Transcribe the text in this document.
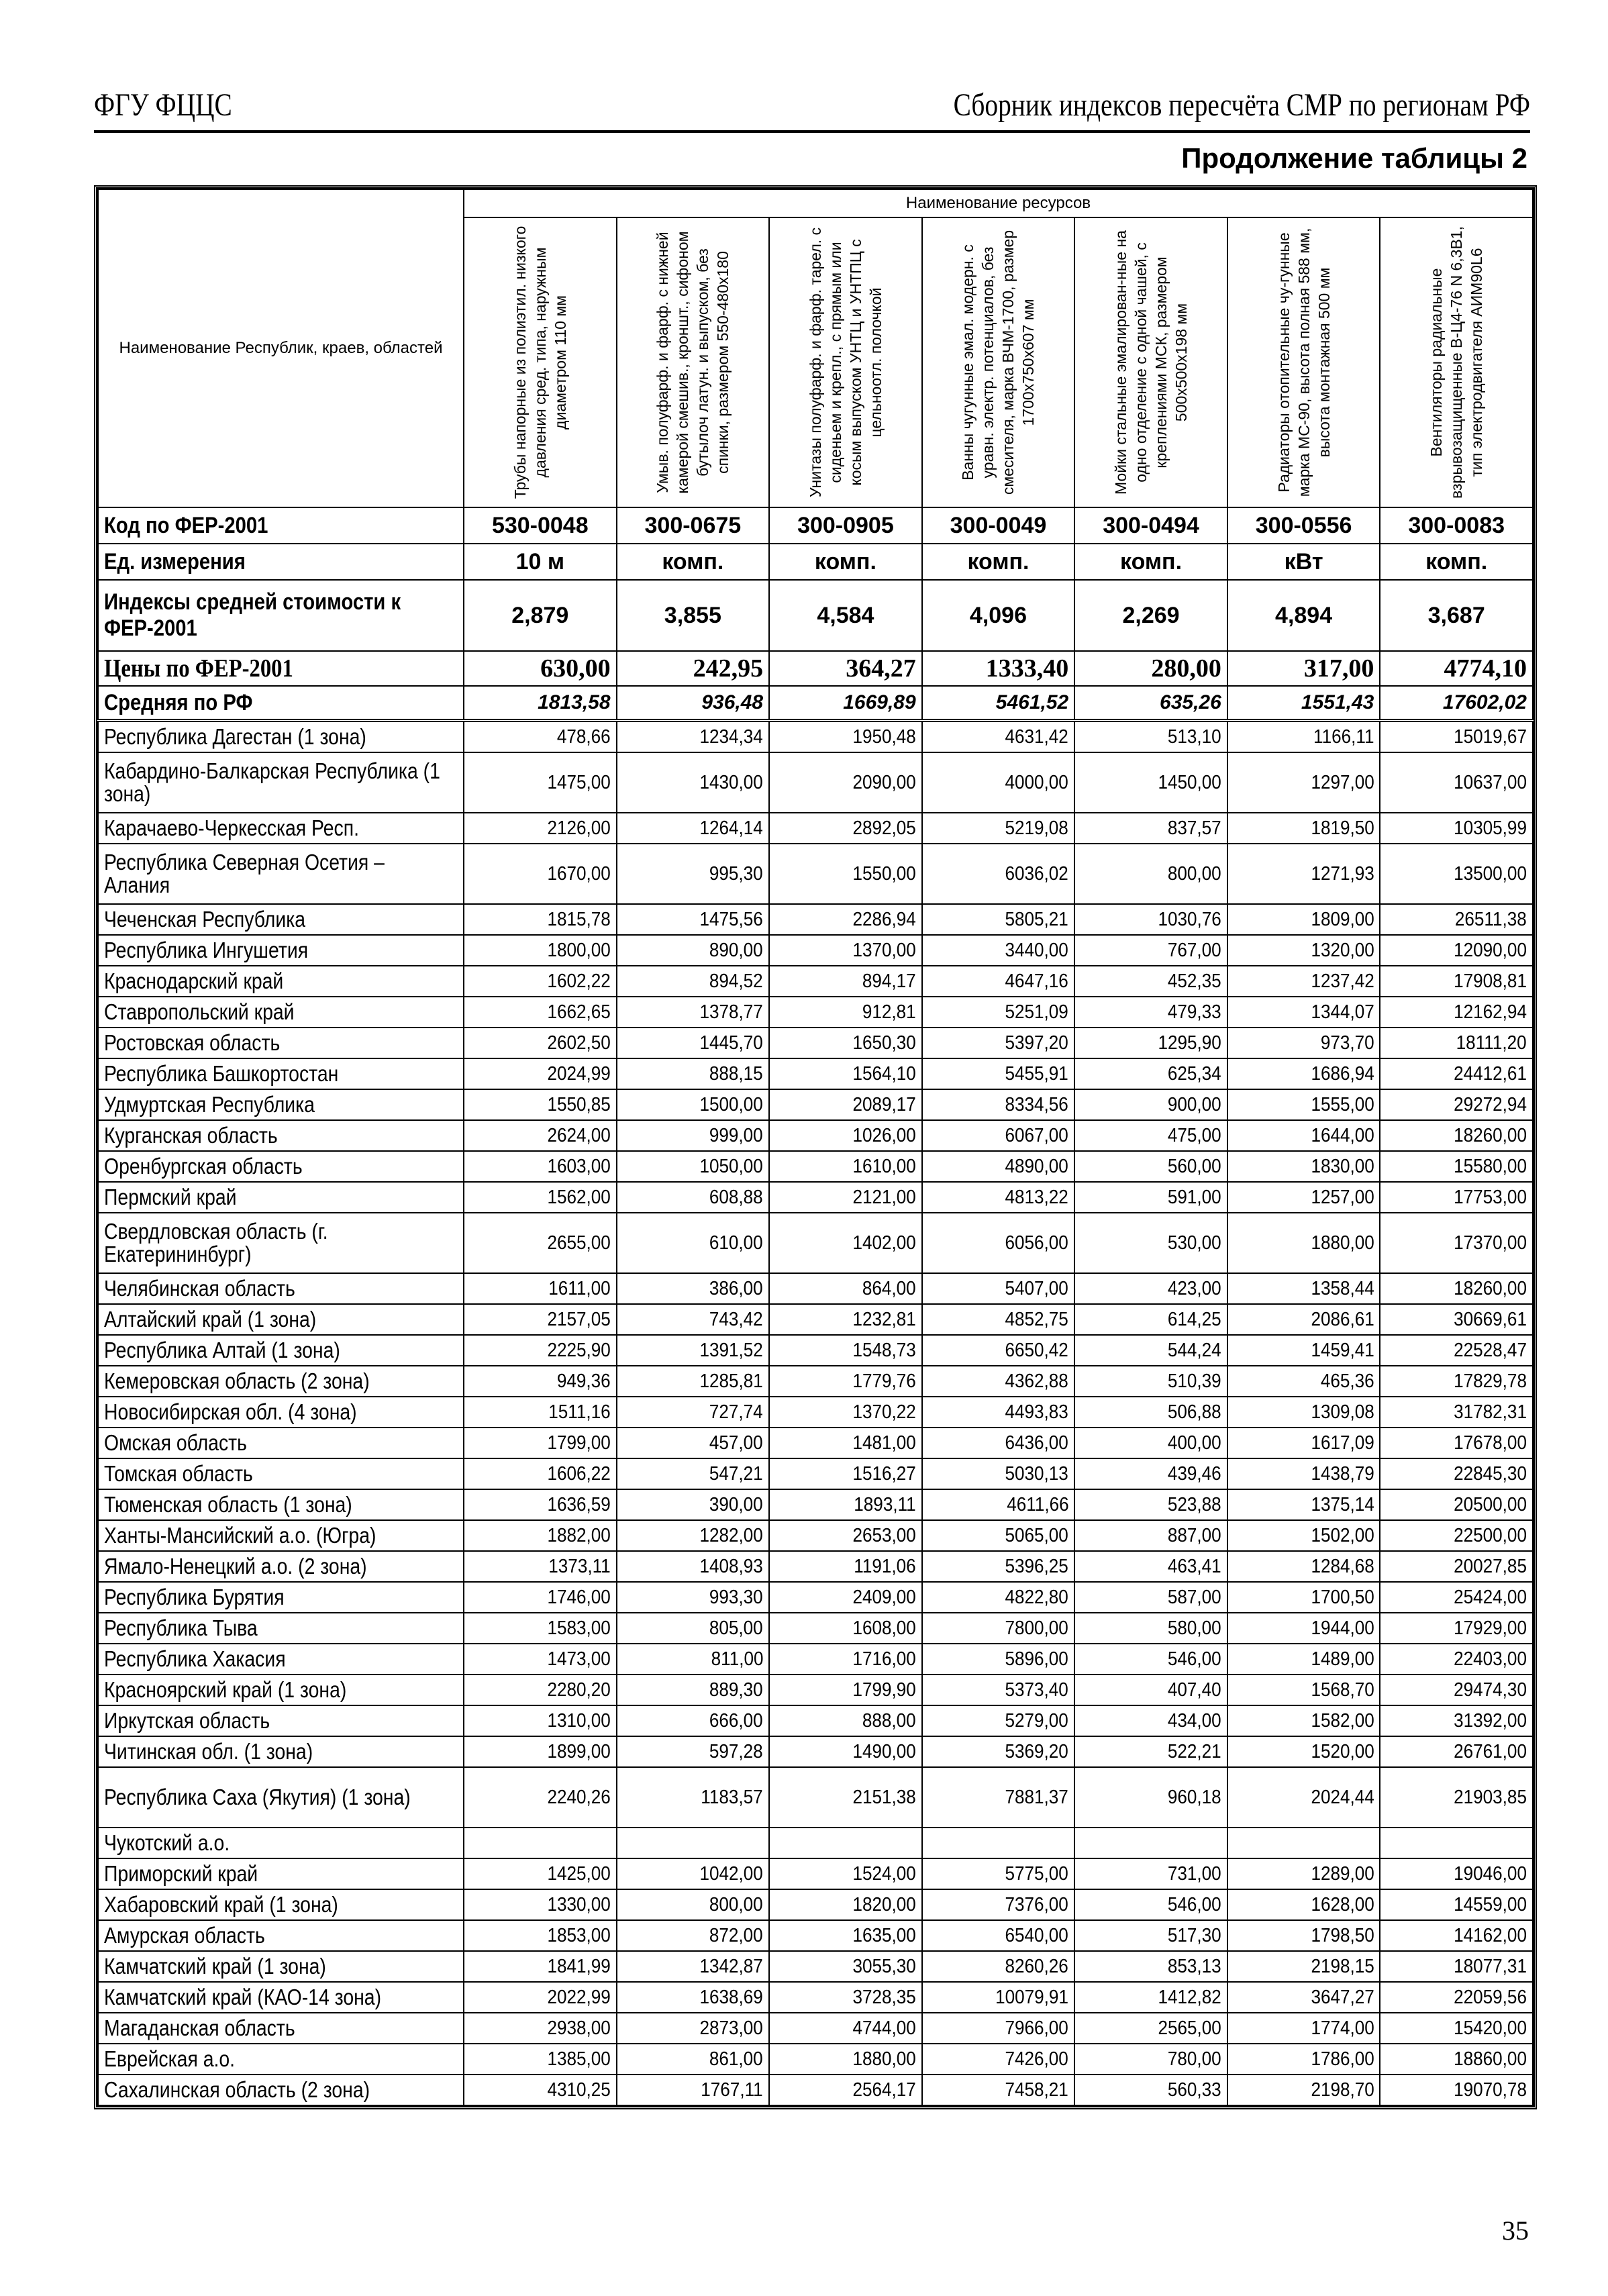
ФГУ ФЦЦС	Сборник индексов пересчёта СМР по регионам РФ
Продолжение таблицы 2
Наименование Республик, краев, областей	Наименование ресурсов						

	Трубы напорные из полиэтил. низкого давления сред. типа, наружным диаметром 110 мм	Умыв. полуфарф. и фарф. с нижней камерой смешив., кроншт., сифоном бутылоч латун. и выпуском, без спинки, размером 550-480x180	Унитазы полуфарф. и фарф. тарел. с сиденьем и крепл., с прямым или косым выпуском УНТЦ и УНТПЦ с цельноотл. полочкой	Ванны чугунные эмал. модерн. с уравн. электр. потенциалов, без смесителя, марка ВЧМ-1700, размер 1700x750x607 мм	Мойки стальные эмалирован-ные на одно отделение с одной чашей, с креплениями МСК, размером 500x500x198 мм	Радиаторы отопительные чу-гунные марка МС-90, высота полная 588 мм, высота монтажная 500 мм	Вентиляторы радиальные взрывозащищенные В-Ц4-76 N 6,3В1, тип электродвигателя АИМ90L6

Код по ФЕР-2001	530-0048	300-0675	300-0905	300-0049	300-0494	300-0556	300-0083
Ед. измерения	10 м	комп.	комп.	комп.	комп.	кВт	комп.
Индексы средней стоимости к ФЕР-2001	2,879	3,855	4,584	4,096	2,269	4,894	3,687
Цены по ФЕР-2001	630,00	242,95	364,27	1333,40	280,00	317,00	4774,10
Средняя по РФ	1813,58	936,48	1669,89	5461,52	635,26	1551,43	17602,02
Республика Дагестан (1 зона)	478,66	1234,34	1950,48	4631,42	513,10	1166,11	15019,67
Кабардино-Балкарская Республика (1 зона)	1475,00	1430,00	2090,00	4000,00	1450,00	1297,00	10637,00
Карачаево-Черкесская Респ.	2126,00	1264,14	2892,05	5219,08	837,57	1819,50	10305,99
Республика Северная Осетия – Алания	1670,00	995,30	1550,00	6036,02	800,00	1271,93	13500,00
Чеченская Республика	1815,78	1475,56	2286,94	5805,21	1030,76	1809,00	26511,38
Республика Ингушетия	1800,00	890,00	1370,00	3440,00	767,00	1320,00	12090,00
Краснодарский край	1602,22	894,52	894,17	4647,16	452,35	1237,42	17908,81
Ставропольский край	1662,65	1378,77	912,81	5251,09	479,33	1344,07	12162,94
Ростовская область	2602,50	1445,70	1650,30	5397,20	1295,90	973,70	18111,20
Республика Башкортостан	2024,99	888,15	1564,10	5455,91	625,34	1686,94	24412,61
Удмуртская Республика	1550,85	1500,00	2089,17	8334,56	900,00	1555,00	29272,94
Курганская область	2624,00	999,00	1026,00	6067,00	475,00	1644,00	18260,00
Оренбургская область	1603,00	1050,00	1610,00	4890,00	560,00	1830,00	15580,00
Пермский край	1562,00	608,88	2121,00	4813,22	591,00	1257,00	17753,00
Свердловская область (г. Екатерининбург)	2655,00	610,00	1402,00	6056,00	530,00	1880,00	17370,00
Челябинская область	1611,00	386,00	864,00	5407,00	423,00	1358,44	18260,00
Алтайский край (1 зона)	2157,05	743,42	1232,81	4852,75	614,25	2086,61	30669,61
Республика Алтай (1 зона)	2225,90	1391,52	1548,73	6650,42	544,24	1459,41	22528,47
Кемеровская область (2 зона)	949,36	1285,81	1779,76	4362,88	510,39	465,36	17829,78
Новосибирская обл. (4 зона)	1511,16	727,74	1370,22	4493,83	506,88	1309,08	31782,31
Омская область	1799,00	457,00	1481,00	6436,00	400,00	1617,09	17678,00
Томская область	1606,22	547,21	1516,27	5030,13	439,46	1438,79	22845,30
Тюменская область (1 зона)	1636,59	390,00	1893,11	4611,66	523,88	1375,14	20500,00
Ханты-Мансийский а.о. (Югра)	1882,00	1282,00	2653,00	5065,00	887,00	1502,00	22500,00
Ямало-Ненецкий а.о. (2 зона)	1373,11	1408,93	1191,06	5396,25	463,41	1284,68	20027,85
Республика Бурятия	1746,00	993,30	2409,00	4822,80	587,00	1700,50	25424,00
Республика Тыва	1583,00	805,00	1608,00	7800,00	580,00	1944,00	17929,00
Республика Хакасия	1473,00	811,00	1716,00	5896,00	546,00	1489,00	22403,00
Красноярский край (1 зона)	2280,20	889,30	1799,90	5373,40	407,40	1568,70	29474,30
Иркутская область	1310,00	666,00	888,00	5279,00	434,00	1582,00	31392,00
Читинская обл. (1 зона)	1899,00	597,28	1490,00	5369,20	522,21	1520,00	26761,00
Республика Саха (Якутия) (1 зона)	2240,26	1183,57	2151,38	7881,37	960,18	2024,44	21903,85
Чукотский а.о.							
Приморский край	1425,00	1042,00	1524,00	5775,00	731,00	1289,00	19046,00
Хабаровский край (1 зона)	1330,00	800,00	1820,00	7376,00	546,00	1628,00	14559,00
Амурская область	1853,00	872,00	1635,00	6540,00	517,30	1798,50	14162,00
Камчатский край (1 зона)	1841,99	1342,87	3055,30	8260,26	853,13	2198,15	18077,31
Камчатский край (КАО-14 зона)	2022,99	1638,69	3728,35	10079,91	1412,82	3647,27	22059,56
Магаданская область	2938,00	2873,00	4744,00	7966,00	2565,00	1774,00	15420,00
Еврейская а.о.	1385,00	861,00	1880,00	7426,00	780,00	1786,00	18860,00
Сахалинская область (2 зона)	4310,25	1767,11	2564,17	7458,21	560,33	2198,70	19070,78
35
